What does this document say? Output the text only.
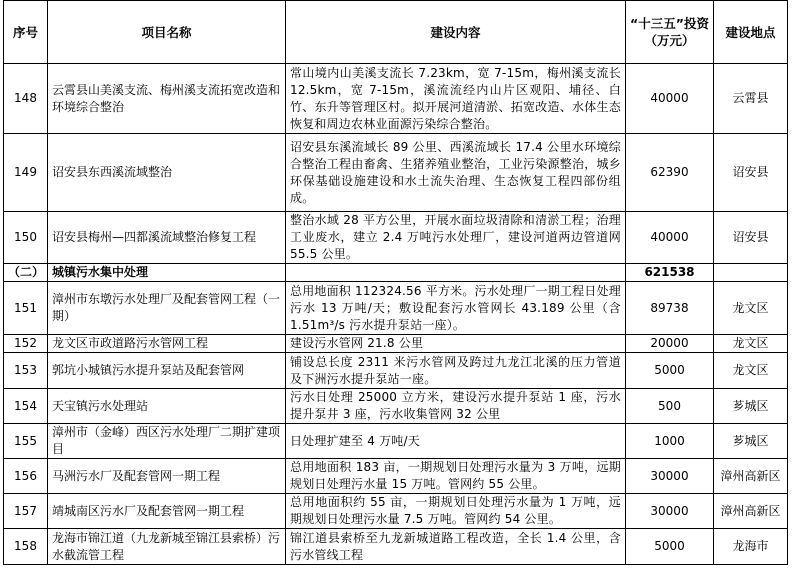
序号	项目名称	建设内容	“十三五”投资（万元）	建设地点
148	云霄县山美溪支流、梅州溪支流拓宽改造和环境综合整治	常山境内山美溪支流长 7.23km，宽 7-15m，梅州溪支流长 12.5km，宽 7-15m，溪流流经内山片区观阳、埔径、白竹、东升等管理区村。拟开展河道清淤、拓宽改造、水体生态恢复和周边农林业面源污染综合整治。	40000	云霄县
149	诏安县东西溪流域整治	诏安县东溪流域长 89 公里、西溪流域长 17.4 公里水环境综合整治工程由畜禽、生猪养殖业整治，工业污染源整治，城乡环保基础设施建设和水土流失治理、生态恢复工程四部份组成。	62390	诏安县
150	诏安县梅州—四都溪流域整治修复工程	整治水域 28 平方公里，开展水面垃圾清除和清淤工程；治理工业废水，建立 2.4 万吨污水处理厂，建设河道两边管道网 55.5 公里。	40000	诏安县
（二）	城镇污水集中处理		621538	
151	漳州市东墩污水处理厂及配套管网工程（一期）	总用地面积 112324.56 平方米。污水处理厂一期工程日处理污水 13 万吨/天；敷设配套污水管网长 43.189 公里（含 1.51m³/s 污水提升泵站一座）。	89738	龙文区
152	龙文区市政道路污水管网工程	建设污水管网 21.8 公里	20000	龙文区
153	郭坑小城镇污水提升泵站及配套管网	铺设总长度 2311 米污水管网及跨过九龙江北溪的压力管道及下洲污水提升泵站一座。	5000	龙文区
154	天宝镇污水处理站	污水日处理 25000 立方米，建设污水提升泵站 1 座，污水提升泵井 3 座，污水收集管网 32 公里	500	芗城区
155	漳州市（金峰）西区污水处理厂二期扩建项目	日处理扩建至 4 万吨/天	1000	芗城区
156	马洲污水厂及配套管网一期工程	总用地面积 183 亩，一期规划日处理污水量为 3 万吨，远期规划日处理污水量 15 万吨。管网约 55 公里。	30000	漳州高新区
157	靖城南区污水厂及配套管网一期工程	总用地面积约 55 亩，一期规划日处理污水量为 1 万吨，远期规划日处理污水量 7.5 万吨。管网约 54 公里。	30000	漳州高新区
158	龙海市锦江道（九龙新城至锦江县索桥）污水截流管工程	锦江道县索桥至九龙新城道路工程改造，全长 1.4 公里，含污水管线工程	5000	龙海市
